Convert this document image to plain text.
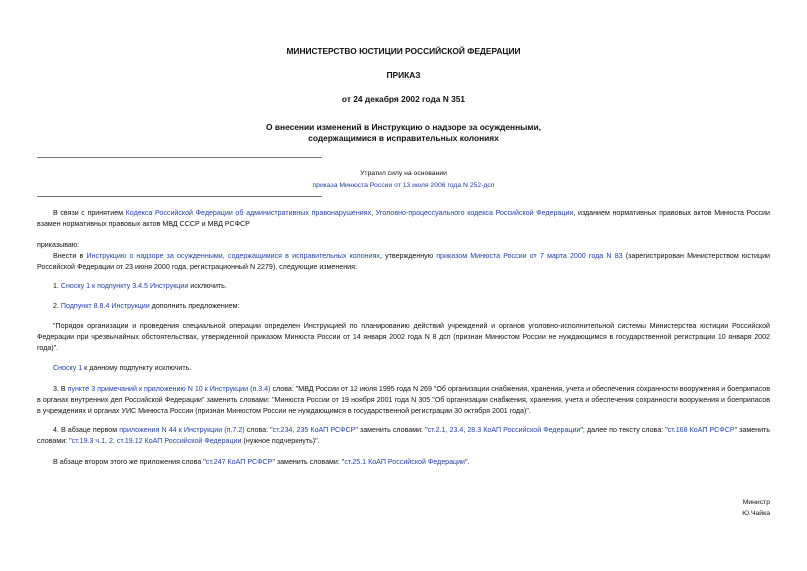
МИНИСТЕРСТВО ЮСТИЦИИ РОССИЙСКОЙ ФЕДЕРАЦИИ
ПРИКАЗ
от 24 декабря 2002 года N 351
О внесении изменений в Инструкцию о надзоре за осужденными,
содержащимися в исправительных колониях
Утратил силу на основании
приказа Минюста России от 13 июля 2006 года N 252-дсп
В связи с принятием Кодекса Российской Федерации об административных правонарушениях, Уголовно-процессуального кодекса Российской Федерации, изданием нормативных правовых актов Минюста России взамен нормативных правовых актов МВД СССР и МВД РСФСР
приказываю:
Внести в Инструкцию о надзоре за осужденными, содержащимися в исправительных колониях, утвержденную приказом Минюста России от 7 марта 2000 года N 83 (зарегистрирован Министерством юстиции Российской Федерации от 23 июня 2000 года, регистрационный N 2279), следующие изменения:
1. Сноску 1 к подпункту 3.4.5 Инструкции исключить.
2. Подпункт 8.8.4 Инструкции дополнить предложением:
"Порядок организации и проведения специальной операции определен Инструкцией по планированию действий учреждений и органов уголовно-исполнительной системы Министерства юстиции Российской Федерации при чрезвычайных обстоятельствах, утвержденной приказом Минюста России от 14 января 2002 года N 8 дсп (признан Минюстом России не нуждающимся в государственной регистрации 10 января 2002 года)".
Сноску 1 к данному подпункту исключить.
3. В пункте 3 примечаний к приложению N 10 к Инструкции (п.3.4) слова: "МВД России от 12 июля 1995 года N 269 "Об организации снабжения, хранения, учета и обеспечения сохранности вооружения и боеприпасов в органах внутренних дел Российской Федерации" заменить словами: "Минюста России от 19 ноября 2001 года N 305 "Об организации снабжения, хранения, учета и обеспечения сохранности вооружения и боеприпасов в учреждениях и органах УИС Минюста России (признан Минюстом России не нуждающимся в государственной регистрации 30 октября 2001 года)".
4. В абзаце первом приложения N 44 к Инструкции (п.7.2) слова: "ст.234, 235 КоАП РСФСР" заменить словами: "ст.2.1, 23.4, 28.3 КоАП Российской Федерации"; далее по тексту слова: "ст.168 КоАП РСФСР" заменить словами: "ст.19.3 ч.1, 2, ст.19.12 КоАП Российской Федерации (нужное подчеркнуть)".
В абзаце втором этого же приложения слова "ст.247 КоАП РСФСР" заменить словами: "ст.25.1 КоАП Российской Федерации".
Министр
Ю.Чайка
